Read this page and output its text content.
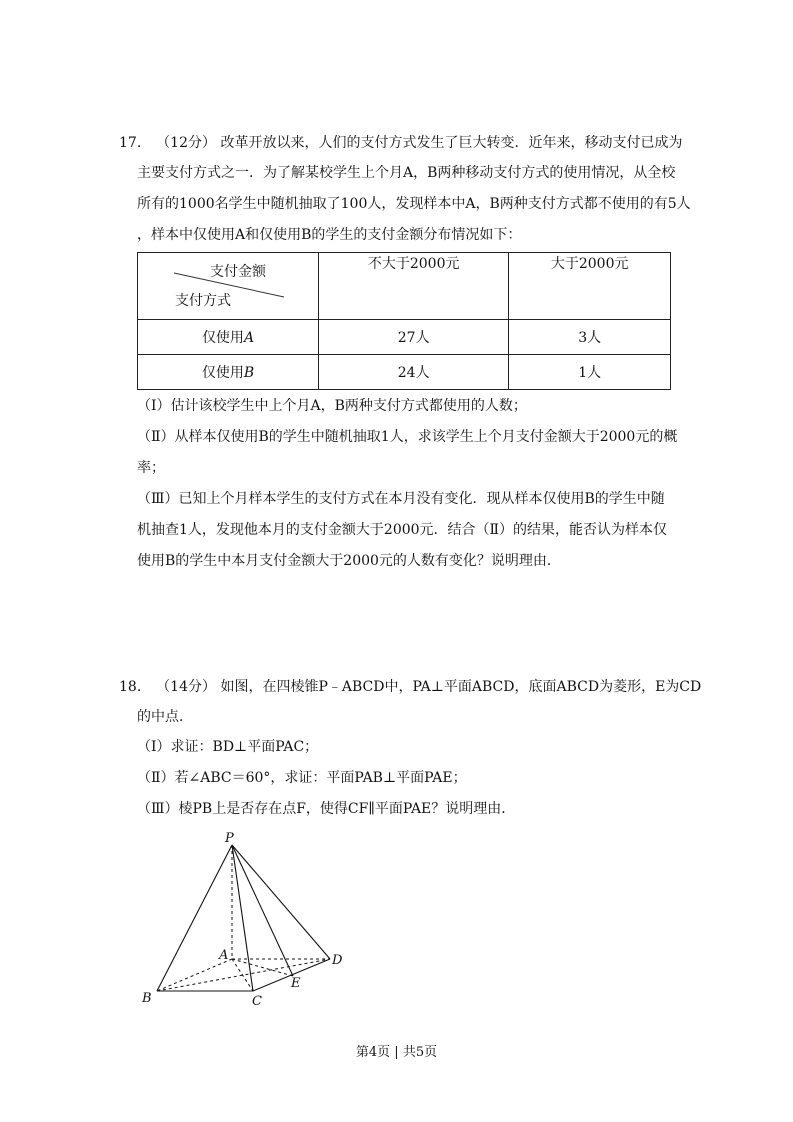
17. （12分） 改革开放以来，人们的支付方式发生了巨大转变．近年来，移动支付已成为
主要支付方式之一．为了解某校学生上个月A，B两种移动支付方式的使用情况，从全校
所有的1000名学生中随机抽取了100人，发现样本中A，B两种支付方式都不使用的有5人
，样本中仅使用A和仅使用B的学生的支付金额分布情况如下：
支付金额
支付方式	不大于2000元	大于2000元
仅使用A	27人	3人
仅使用B	24人	1人
（Ⅰ）估计该校学生中上个月A，B两种支付方式都使用的人数；
（Ⅱ）从样本仅使用B的学生中随机抽取1人，求该学生上个月支付金额大于2000元的概
率；
（Ⅲ）已知上个月样本学生的支付方式在本月没有变化．现从样本仅使用B的学生中随
机抽查1人，发现他本月的支付金额大于2000元．结合（Ⅱ）的结果，能否认为样本仅
使用B的学生中本月支付金额大于2000元的人数有变化？说明理由．
18. （14分） 如图，在四棱锥P﹣ABCD中，PA⊥平面ABCD，底面ABCD为菱形，E为CD
的中点．
（Ⅰ）求证：BD⊥平面PAC；
（Ⅱ）若∠ABC＝60°，求证：平面PAB⊥平面PAE；
（Ⅲ）棱PB上是否存在点F，使得CF∥平面PAE？说明理由．
P
A
B	C
D
E
第4页 | 共5页
